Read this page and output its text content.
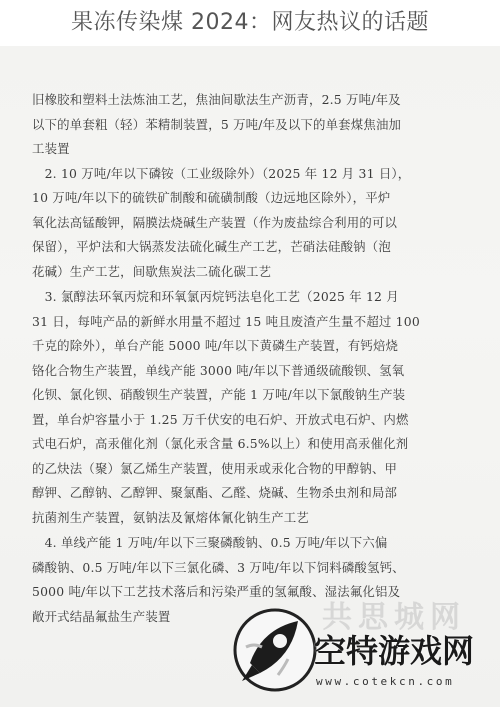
果冻传染煤 2024：网友热议的话题
旧橡胶和塑料土法炼油工艺，焦油间歇法生产沥青，2.5 万吨/年及
以下的单套粗（轻）苯精制装置，5 万吨/年及以下的单套煤焦油加
工装置
　2. 10 万吨/年以下磷铵（工业级除外）（2025 年 12 月 31 日），
10 万吨/年以下的硫铁矿制酸和硫磺制酸（边远地区除外），平炉
氧化法高锰酸钾，隔膜法烧碱生产装置（作为废盐综合利用的可以
保留），平炉法和大锅蒸发法硫化碱生产工艺，芒硝法硅酸钠（泡
花碱）生产工艺，间歇焦炭法二硫化碳工艺
　3. 氯醇法环氧丙烷和环氧氯丙烷钙法皂化工艺（2025 年 12 月
31 日，每吨产品的新鲜水用量不超过 15 吨且废渣产生量不超过 100
千克的除外），单台产能 5000 吨/年以下黄磷生产装置，有钙焙烧
铬化合物生产装置，单线产能 3000 吨/年以下普通级硫酸钡、氢氧
化钡、氯化钡、硝酸钡生产装置，产能 1 万吨/年以下氯酸钠生产装
置，单台炉容量小于 1.25 万千伏安的电石炉、开放式电石炉、内燃
式电石炉，高汞催化剂（氯化汞含量 6.5%以上）和使用高汞催化剂
的乙炔法（聚）氯乙烯生产装置，使用汞或汞化合物的甲醇钠、甲
醇钾、乙醇钠、乙醇钾、聚氯酯、乙醛、烧碱、生物杀虫剂和局部
抗菌剂生产装置，氨钠法及氰熔体氰化钠生产工艺
　4. 单线产能 1 万吨/年以下三聚磷酸钠、0.5 万吨/年以下六偏
磷酸钠、0.5 万吨/年以下三氯化磷、3 万吨/年以下饲料磷酸氢钙、
5000 吨/年以下工艺技术落后和污染严重的氢氟酸、湿法氟化铝及
敞开式结晶氟盐生产装置	共思城网
空特游戏网
www.cotekcn.com
